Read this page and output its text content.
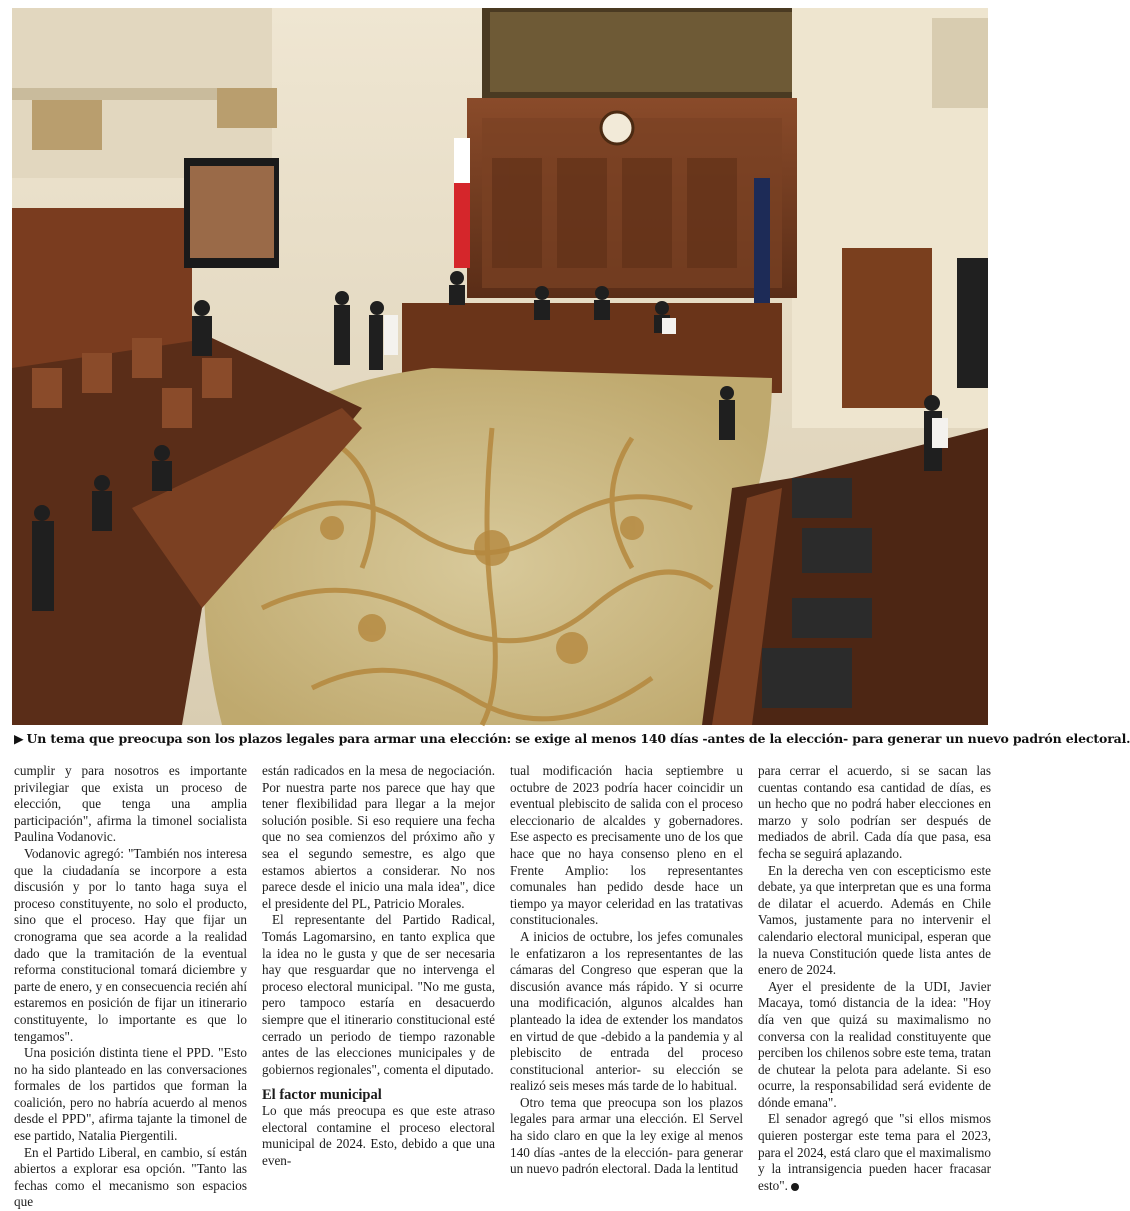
▶ Un tema que preocupa son los plazos legales para armar una elección: se exige al menos 140 días -antes de la elección- para generar un nuevo padrón electoral.

cumplir y para nosotros es importante privilegiar que exista un proceso de elección, que tenga una amplia participación", afirma la timonel socialista Paulina Vodanovic.

Vodanovic agregó: "También nos interesa que la ciudadanía se incorpore a esta discusión y por lo tanto haga suya el proceso constituyente, no solo el producto, sino que el proceso. Hay que fijar un cronograma que sea acorde a la realidad dado que la tramitación de la eventual reforma constitucional tomará diciembre y parte de enero, y en consecuencia recién ahí estaremos en posición de fijar un itinerario constituyente, lo importante es que lo tengamos".

Una posición distinta tiene el PPD. "Esto no ha sido planteado en las conversaciones formales de los partidos que forman la coalición, pero no habría acuerdo al menos desde el PPD", afirma tajante la timonel de ese partido, Natalia Piergentili.

En el Partido Liberal, en cambio, sí están abiertos a explorar esa opción. "Tanto las fechas como el mecanismo son espacios que

están radicados en la mesa de negociación. Por nuestra parte nos parece que hay que tener flexibilidad para llegar a la mejor solución posible. Si eso requiere una fecha que no sea comienzos del próximo año y sea el segundo semestre, es algo que estamos abiertos a considerar. No nos parece desde el inicio una mala idea", dice el presidente del PL, Patricio Morales.

El representante del Partido Radical, Tomás Lagomarsino, en tanto explica que la idea no le gusta y que de ser necesaria hay que resguardar que no intervenga el proceso electoral municipal. "No me gusta, pero tampoco estaría en desacuerdo siempre que el itinerario constitucional esté cerrado un periodo de tiempo razonable antes de las elecciones municipales y de gobiernos regionales", comenta el diputado.

El factor municipal

Lo que más preocupa es que este atraso electoral contamine el proceso electoral municipal de 2024. Esto, debido a que una even-

tual modificación hacia septiembre u octubre de 2023 podría hacer coincidir un eventual plebiscito de salida con el proceso eleccionario de alcaldes y gobernadores. Ese aspecto es precisamente uno de los que hace que no haya consenso pleno en el Frente Amplio: los representantes comunales han pedido desde hace un tiempo ya mayor celeridad en las tratativas constitucionales.

A inicios de octubre, los jefes comunales le enfatizaron a los representantes de las cámaras del Congreso que esperan que la discusión avance más rápido. Y si ocurre una modificación, algunos alcaldes han planteado la idea de extender los mandatos en virtud de que -debido a la pandemia y al plebiscito de entrada del proceso constitucional anterior- su elección se realizó seis meses más tarde de lo habitual.

Otro tema que preocupa son los plazos legales para armar una elección. El Servel ha sido claro en que la ley exige al menos 140 días -antes de la elección- para generar un nuevo padrón electoral. Dada la lentitud

para cerrar el acuerdo, si se sacan las cuentas contando esa cantidad de días, es un hecho que no podrá haber elecciones en marzo y solo podrían ser después de mediados de abril. Cada día que pasa, esa fecha se seguirá aplazando.

En la derecha ven con escepticismo este debate, ya que interpretan que es una forma de dilatar el acuerdo. Además en Chile Vamos, justamente para no intervenir el calendario electoral municipal, esperan que la nueva Constitución quede lista antes de enero de 2024.

Ayer el presidente de la UDI, Javier Macaya, tomó distancia de la idea: "Hoy día ven que quizá su maximalismo no conversa con la realidad constituyente que perciben los chilenos sobre este tema, tratan de chutear la pelota para adelante. Si eso ocurre, la responsabilidad será evidente de dónde emana".

El senador agregó que "si ellos mismos quieren postergar este tema para el 2023, para el 2024, está claro que el maximalismo y la intransigencia pueden hacer fracasar esto".
